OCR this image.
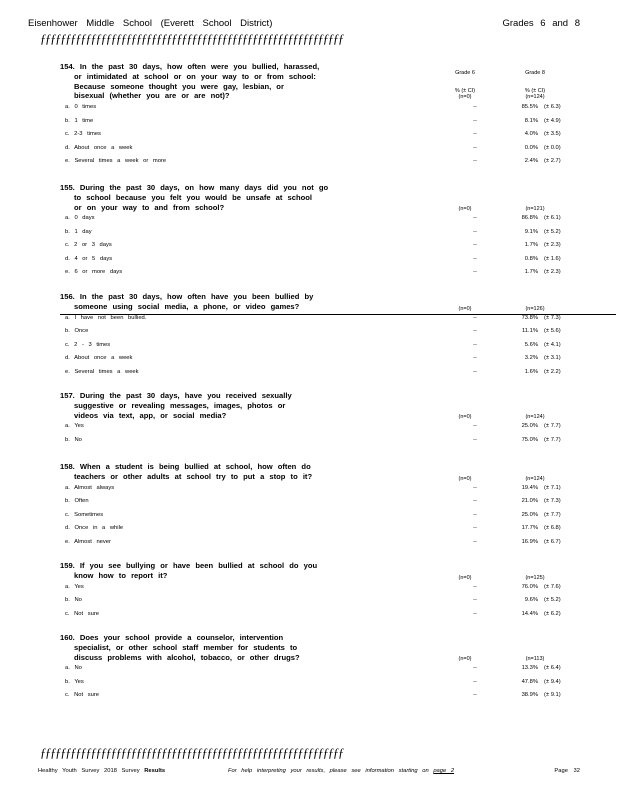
Eisenhower Middle School (Everett School District)	Grades 6 and 8
ƒƒƒƒƒƒƒƒƒƒƒƒƒƒƒƒƒƒƒƒƒƒƒƒƒƒƒƒƒƒƒƒƒƒƒƒƒƒƒƒƒƒƒƒƒƒƒƒƒƒƒƒƒƒƒƒƒƒƒƒ
154. In the past 30 days, how often were you bullied, harassed,
or intimidated at school or on your way to or from school:
Because someone thought you were gay, lesbian, or
bisexual (whether you are or are not)?
Grade 6	Grade 8
% (± CI)	% (± CI)
(n=0)	(n=124)
a. 0 times	--	85.5% (± 6.3)
b. 1 time	--	8.1% (± 4.9)
c. 2-3 times	--	4.0% (± 3.5)
d. About once a week	--	0.0% (± 0.0)
e. Several times a week or more	--	2.4% (± 2.7)
155. During the past 30 days, on how many days did you not go
to school because you felt you would be unsafe at school
or on your way to and from school?	(n=0)	(n=121)
a. 0 days	--	86.8% (± 6.1)
b. 1 day	--	9.1% (± 5.2)
c. 2 or 3 days	--	1.7% (± 2.3)
d. 4 or 5 days	--	0.8% (± 1.6)
e. 6 or more days	--	1.7% (± 2.3)
156. In the past 30 days, how often have you been bullied by
someone using social media, a phone, or video games?	(n=0)	(n=126)
a. I have not been bullied.	--	73.8% (± 7.3)
b. Once	--	11.1% (± 5.6)
c. 2 - 3 times	--	5.6% (± 4.1)
d. About once a week	--	3.2% (± 3.1)
e. Several times a week	--	1.6% (± 2.2)
157. During the past 30 days, have you received sexually
suggestive or revealing messages, images, photos or
videos via text, app, or social media?	(n=0)	(n=124)
a. Yes	--	25.0% (± 7.7)
b. No	--	75.0% (± 7.7)
158. When a student is being bullied at school, how often do
teachers or other adults at school try to put a stop to it?	(n=0)	(n=124)
a. Almost always	--	19.4% (± 7.1)
b. Often	--	21.0% (± 7.3)
c. Sometimes	--	25.0% (± 7.7)
d. Once in a while	--	17.7% (± 6.8)
e. Almost never	--	16.9% (± 6.7)
159. If you see bullying or have been bullied at school do you
know how to report it?	(n=0)	(n=125)
a. Yes	--	76.0% (± 7.6)
b. No	--	9.6% (± 5.2)
c. Not sure	--	14.4% (± 6.2)
160. Does your school provide a counselor, intervention
specialist, or other school staff member for students to
discuss problems with alcohol, tobacco, or other drugs?	(n=0)	(n=113)
a. No	--	13.3% (± 6.4)
b. Yes	--	47.8% (± 9.4)
c. Not sure	--	38.9% (± 9.1)
ƒƒƒƒƒƒƒƒƒƒƒƒƒƒƒƒƒƒƒƒƒƒƒƒƒƒƒƒƒƒƒƒƒƒƒƒƒƒƒƒƒƒƒƒƒƒƒƒƒƒƒƒƒƒƒƒƒƒƒƒ
Healthy Youth Survey 2018 Survey Results	For help interpreting your results, please see information starting on page 2	Page 32
